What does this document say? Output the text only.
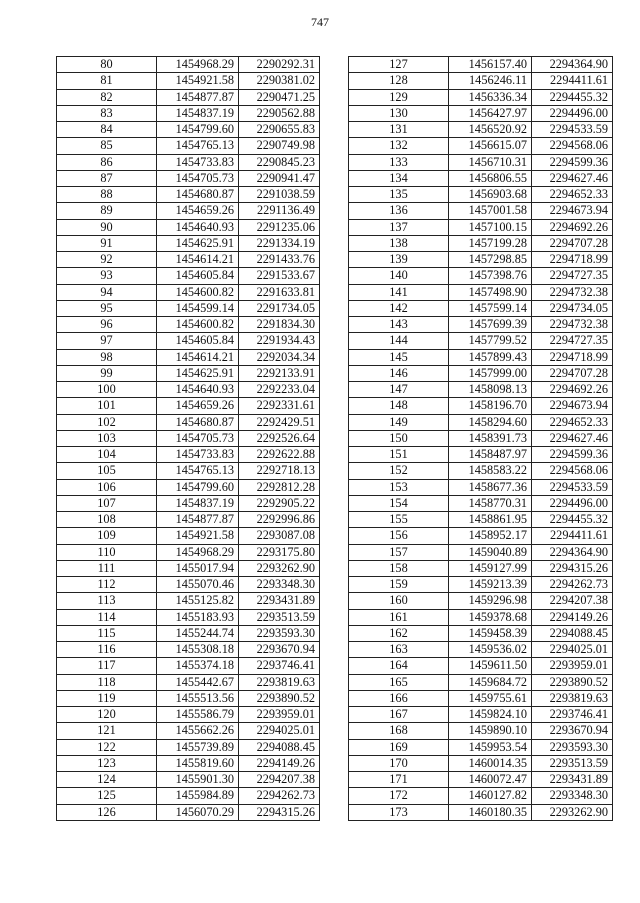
747
80	1454968.29	2290292.31
81	1454921.58	2290381.02
82	1454877.87	2290471.25
83	1454837.19	2290562.88
84	1454799.60	2290655.83
85	1454765.13	2290749.98
86	1454733.83	2290845.23
87	1454705.73	2290941.47
88	1454680.87	2291038.59
89	1454659.26	2291136.49
90	1454640.93	2291235.06
91	1454625.91	2291334.19
92	1454614.21	2291433.76
93	1454605.84	2291533.67
94	1454600.82	2291633.81
95	1454599.14	2291734.05
96	1454600.82	2291834.30
97	1454605.84	2291934.43
98	1454614.21	2292034.34
99	1454625.91	2292133.91
100	1454640.93	2292233.04
101	1454659.26	2292331.61
102	1454680.87	2292429.51
103	1454705.73	2292526.64
104	1454733.83	2292622.88
105	1454765.13	2292718.13
106	1454799.60	2292812.28
107	1454837.19	2292905.22
108	1454877.87	2292996.86
109	1454921.58	2293087.08
110	1454968.29	2293175.80
111	1455017.94	2293262.90
112	1455070.46	2293348.30
113	1455125.82	2293431.89
114	1455183.93	2293513.59
115	1455244.74	2293593.30
116	1455308.18	2293670.94
117	1455374.18	2293746.41
118	1455442.67	2293819.63
119	1455513.56	2293890.52
120	1455586.79	2293959.01
121	1455662.26	2294025.01
122	1455739.89	2294088.45
123	1455819.60	2294149.26
124	1455901.30	2294207.38
125	1455984.89	2294262.73
126	1456070.29	2294315.26
127	1456157.40	2294364.90
128	1456246.11	2294411.61
129	1456336.34	2294455.32
130	1456427.97	2294496.00
131	1456520.92	2294533.59
132	1456615.07	2294568.06
133	1456710.31	2294599.36
134	1456806.55	2294627.46
135	1456903.68	2294652.33
136	1457001.58	2294673.94
137	1457100.15	2294692.26
138	1457199.28	2294707.28
139	1457298.85	2294718.99
140	1457398.76	2294727.35
141	1457498.90	2294732.38
142	1457599.14	2294734.05
143	1457699.39	2294732.38
144	1457799.52	2294727.35
145	1457899.43	2294718.99
146	1457999.00	2294707.28
147	1458098.13	2294692.26
148	1458196.70	2294673.94
149	1458294.60	2294652.33
150	1458391.73	2294627.46
151	1458487.97	2294599.36
152	1458583.22	2294568.06
153	1458677.36	2294533.59
154	1458770.31	2294496.00
155	1458861.95	2294455.32
156	1458952.17	2294411.61
157	1459040.89	2294364.90
158	1459127.99	2294315.26
159	1459213.39	2294262.73
160	1459296.98	2294207.38
161	1459378.68	2294149.26
162	1459458.39	2294088.45
163	1459536.02	2294025.01
164	1459611.50	2293959.01
165	1459684.72	2293890.52
166	1459755.61	2293819.63
167	1459824.10	2293746.41
168	1459890.10	2293670.94
169	1459953.54	2293593.30
170	1460014.35	2293513.59
171	1460072.47	2293431.89
172	1460127.82	2293348.30
173	1460180.35	2293262.90
